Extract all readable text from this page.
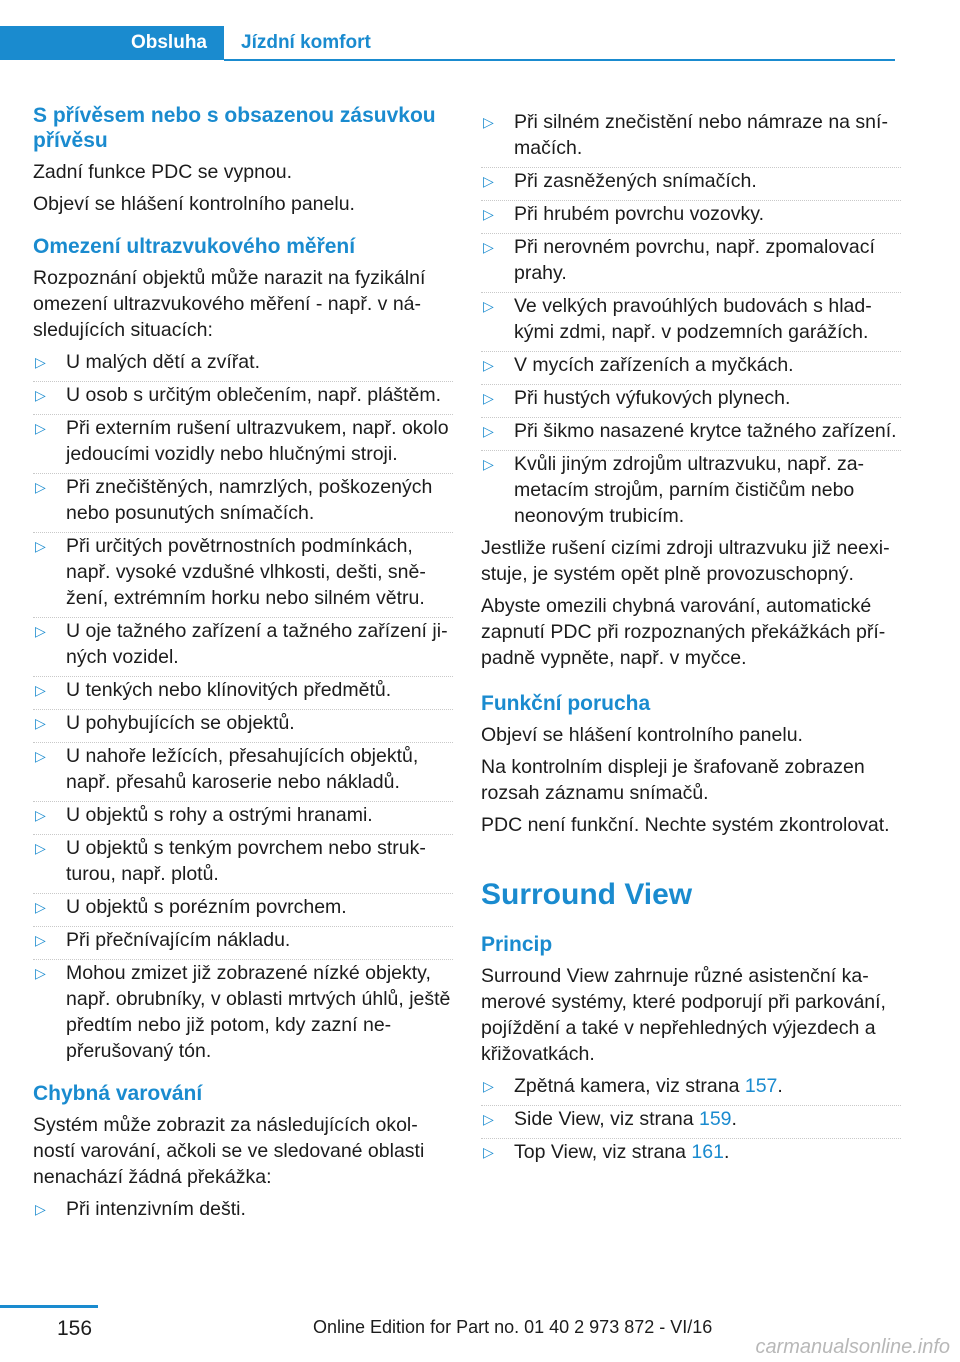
Obsluha	Jízdní komfort
S přívěsem nebo s obsazenou zásuvkou přívěsu

Zadní funkce PDC se vypnou.

Objeví se hlášení kontrolního panelu.

Omezení ultrazvukového měření

Rozpoznání objektů může narazit na fyzikální omezení ultrazvukového měření - např. v následujících situacích:

▷ U malých dětí a zvířat.
▷ U osob s určitým oblečením, např. pláštěm.
▷ Při externím rušení ultrazvukem, např. okolo jedoucími vozidly nebo hlučnými stroji.
▷ Při znečištěných, namrzlých, poškozených nebo posunutých snímačích.
▷ Při určitých povětrnostních podmínkách, např. vysoké vzdušné vlhkosti, dešti, sněžení, extrémním horku nebo silném větru.
▷ U oje tažného zařízení a tažného zařízení jiných vozidel.
▷ U tenkých nebo klínovitých předmětů.
▷ U pohybujících se objektů.
▷ U nahoře ležících, přesahujících objektů, např. přesahů karoserie nebo nákladů.
▷ U objektů s rohy a ostrými hranami.
▷ U objektů s tenkým povrchem nebo strukturou, např. plotů.
▷ U objektů s porézním povrchem.
▷ Při přečnívajícím nákladu.
▷ Mohou zmizet již zobrazené nízké objekty, např. obrubníky, v oblasti mrtvých úhlů, ještě předtím nebo již potom, kdy zazní nepřerušovaný tón.
Chybná varování

Systém může zobrazit za následujících okolností varování, ačkoli se ve sledované oblasti nenachází žádná překážka:

▷ Při intenzivním dešti.
▷ Při silném znečistění nebo námraze na snímačích.
▷ Při zasněžených snímačích.
▷ Při hrubém povrchu vozovky.
▷ Při nerovném povrchu, např. zpomalovací prahy.
▷ Ve velkých pravoúhlých budovách s hladkými zdmi, např. v podzemních garážích.
▷ V mycích zařízeních a myčkách.
▷ Při hustých výfukových plynech.
▷ Při šikmo nasazené krytce tažného zařízení.
▷ Kvůli jiným zdrojům ultrazvuku, např. zametacím strojům, parním čističům nebo neonovým trubicím.

Jestliže rušení cizími zdroji ultrazvuku již neexistuje, je systém opět plně provozuschopný.

Abyste omezili chybná varování, automatické zapnutí PDC při rozpoznaných překážkách případně vypněte, např. v myčce.

Funkční porucha

Objeví se hlášení kontrolního panelu.

Na kontrolním displeji je šrafovaně zobrazen rozsah záznamu snímačů.

PDC není funkční. Nechte systém zkontrolovat.

Surround View
Princip

Surround View zahrnuje různé asistenční kamerové systémy, které podporují při parkování, pojíždění a také v nepřehledných výjezdech a křižovatkách.

▷ Zpětná kamera, viz strana 157.
▷ Side View, viz strana 159.
▷ Top View, viz strana 161.
156	Online Edition for Part no. 01 40 2 973 872 - VI/16
carmanualsonline.info
